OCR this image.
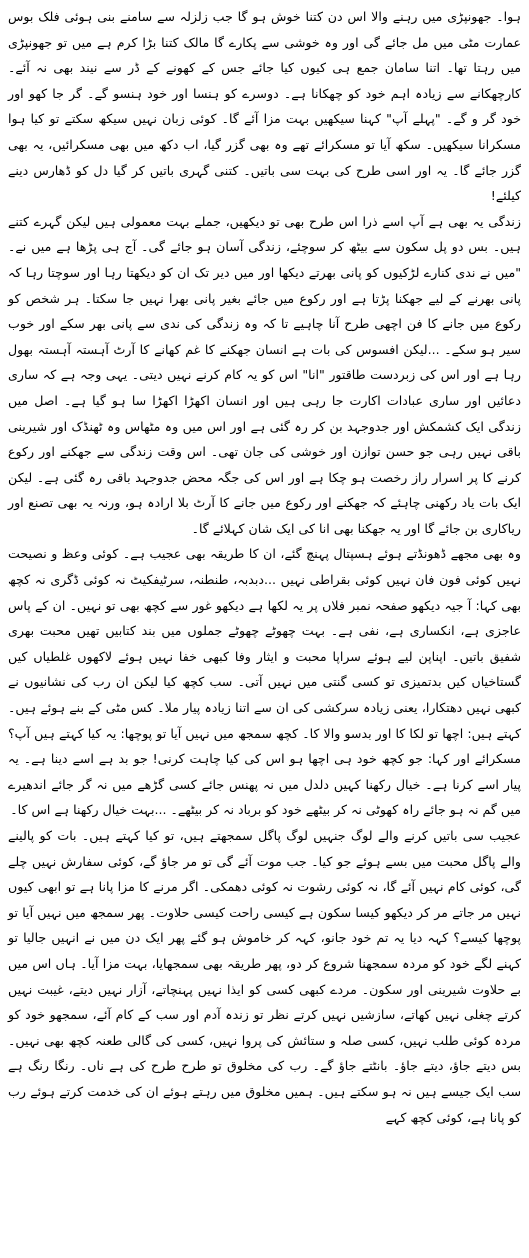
ہوا۔ جھونپڑی میں رہنے والا اس دن کتنا خوش ہو گا جب زلزلہ سے سامنے بنی ہوئی فلک بوس عمارت مٹی میں مل جائے گی اور وہ خوشی سے پکارے گا مالک کتنا بڑا کرم ہے میں تو جھونپڑی میں رہتا تھا۔ اتنا سامان جمع ہی کیوں کیا جائے جس کے کھونے کے ڈر سے نیند بھی نہ آئے۔ کارچھکانے سے زیادہ اہم خود کو چھکانا ہے۔ دوسرے کو ہنسا اور خود ہنسو گے۔ گر جا کھو اور خود گر و گے۔ "پہلے آپ" کہنا سیکھیں بہت مزا آئے گا۔ کوئی زبان نہیں سیکھ سکتے تو کیا ہوا مسکرانا سیکھیں۔ سکھ آیا تو مسکرائے تھے وہ بھی گزر گیا، اب دکھ میں بھی مسکرائیں، یہ بھی گزر جائے گا۔ یہ اور اسی طرح کی بہت سی باتیں۔ کتنی گہری باتیں کر گیا دل کو ڈھارس دینے کیلئے!

زندگی یہ بھی ہے آپ اسے ذرا اس طرح بھی تو دیکھیں، جملے بہت معمولی ہیں لیکن گہرے کتنے ہیں۔ بس دو پل سکون سے بیٹھ کر سوچئے، زندگی آسان ہو جائے گی۔ آج ہی پڑھا ہے میں نے۔ "میں نے ندی کنارے لڑکیوں کو پانی بھرتے دیکھا اور میں دیر تک ان کو دیکھتا رہا اور سوچتا رہا کہ پانی بھرنے کے لیے جھکنا پڑتا ہے اور رکوع میں جائے بغیر پانی بھرا نہیں جا سکتا۔ ہر شخص کو رکوع میں جانے کا فن اچھی طرح آنا چاہیے تا کہ وہ زندگی کی ندی سے پانی بھر سکے اور خوب سیر ہو سکے۔ ...لیکن افسوس کی بات ہے انسان جھکنے کا غم کھانے کا آرٹ آہستہ آہستہ بھول رہا ہے اور اس کی زبردست طاقتور "انا" اس کو یہ کام کرنے نہیں دیتی۔ یہی وجہ ہے کہ ساری دعائیں اور ساری عبادات اکارت جا رہی ہیں اور انسان اکھڑا اکھڑا سا ہو گیا ہے۔ اصل میں زندگی ایک کشمکش اور جدوجہد بن کر رہ گئی ہے اور اس میں وہ مٹھاس وہ ٹھنڈک اور شیرینی باقی نہیں رہی جو حسن توازن اور خوشی کی جان تھی۔ اس وقت زندگی سے جھکنے اور رکوع کرنے کا پر اسرار راز رخصت ہو چکا ہے اور اس کی جگہ محض جدوجہد باقی رہ گئی ہے۔ لیکن ایک بات یاد رکھنی چاہئے کہ جھکنے اور رکوع میں جانے کا آرٹ بلا ارادہ ہو، ورنہ یہ بھی تصنع اور ریاکاری بن جائے گا اور یہ جھکنا بھی انا کی ایک شان کہلائے گا۔

وہ بھی مجھے ڈھونڈتے ہوئے ہسپتال پہنچ گئے، ان کا طریقہ بھی عجیب ہے۔ کوئی وعظ و نصیحت نہیں کوئی فون فان نہیں کوئی بقراطی نہیں ...دبدبہ، طنطنہ، سرٹیفکیٹ نہ کوئی ڈگری نہ کچھ بھی کہا: آ جیہ دیکھو صفحہ نمبر فلاں پر یہ لکھا ہے دیکھو غور سے کچھ بھی تو نہیں۔ ان کے پاس عاجزی ہے، انکساری ہے، نفی ہے۔ بہت چھوٹے چھوٹے جملوں میں بند کتابیں تھیں محبت بھری شفیق باتیں۔ اپناپن لیے ہوئے سراپا محبت و ایثار وفا کبھی خفا نہیں ہوئے لاکھوں غلطیاں کیں گستاخیاں کیں بدتمیزی تو کسی گنتی میں نہیں آتی۔ سب کچھ کیا لیکن ان رب کی نشانیوں نے کبھی نہیں دھتکارا، یعنی زیادہ سرکشی کی ان سے اتنا زیادہ پیار ملا۔ کس مٹی کے بنے ہوئے ہیں۔ کہتے ہیں: اچھا تو لکا کا اور بدسو والا کا۔ کچھ سمجھ میں نہیں آیا تو پوچھا: یہ کیا کہتے ہیں آپ؟ مسکرائے اور کہا: جو کچھ خود ہی اچھا ہو اس کی کیا چاہت کرنی! جو بد ہے اسے دینا ہے۔ یہ پیار اسے کرنا ہے۔ خیال رکھنا کہیں دلدل میں نہ پھنس جائے کسی گڑھے میں نہ گر جائے اندھیرے میں گم نہ ہو جائے راہ کھوٹی نہ کر بیٹھے خود کو برباد نہ کر بیٹھے۔ ...بہت خیال رکھنا ہے اس کا۔

عجیب سی باتیں کرنے والے لوگ جنہیں لوگ پاگل سمجھتے ہیں، تو کیا کہتے ہیں۔ بات کو پالینے والے پاگل محبت میں بسے ہوئے جو کیا۔ جب موت آئے گی تو مر جاؤ گے، کوئی سفارش نہیں چلے گی، کوئی کام نہیں آئے گا، نہ کوئی رشوت نہ کوئی دھمکی۔ اگر مرنے کا مزا پانا ہے تو ابھی کیوں نہیں مر جاتے مر کر دیکھو کیسا سکون ہے کیسی راحت کیسی حلاوت۔ پھر سمجھ میں نہیں آیا تو پوچھا کیسے؟ کہہ دیا یہ تم خود جانو، کہہ کر خاموش ہو گئے پھر ایک دن میں نے انہیں جالیا تو کہنے لگے خود کو مردہ سمجھنا شروع کر دو، پھر طریقہ بھی سمجھایا، بہت مزا آیا۔ ہاں اس میں بے حلاوت شیرینی اور سکون۔ مردے کبھی کسی کو ایذا نہیں پہنچاتے، آزار نہیں دیتے، غیبت نہیں کرتے چغلی نہیں کھاتے، سازشیں نہیں کرتے نظر تو زندہ آدم اور سب کے کام آئے، سمجھو خود کو مردہ کوئی طلب نہیں، کسی صلہ و ستائش کی پروا نہیں، کسی کی گالی طعنہ کچھ بھی نہیں۔ بس دیتے جاؤ، دیتے جاؤ۔ بانٹتے جاؤ گے۔ رب کی مخلوق تو طرح طرح کی ہے ناں۔ رنگا رنگ ہے سب ایک جیسے ہیں نہ ہو سکتے ہیں۔ ہمیں مخلوق میں رہتے ہوئے ان کی خدمت کرتے ہوئے رب کو پانا ہے، کوئی کچھ کہے
